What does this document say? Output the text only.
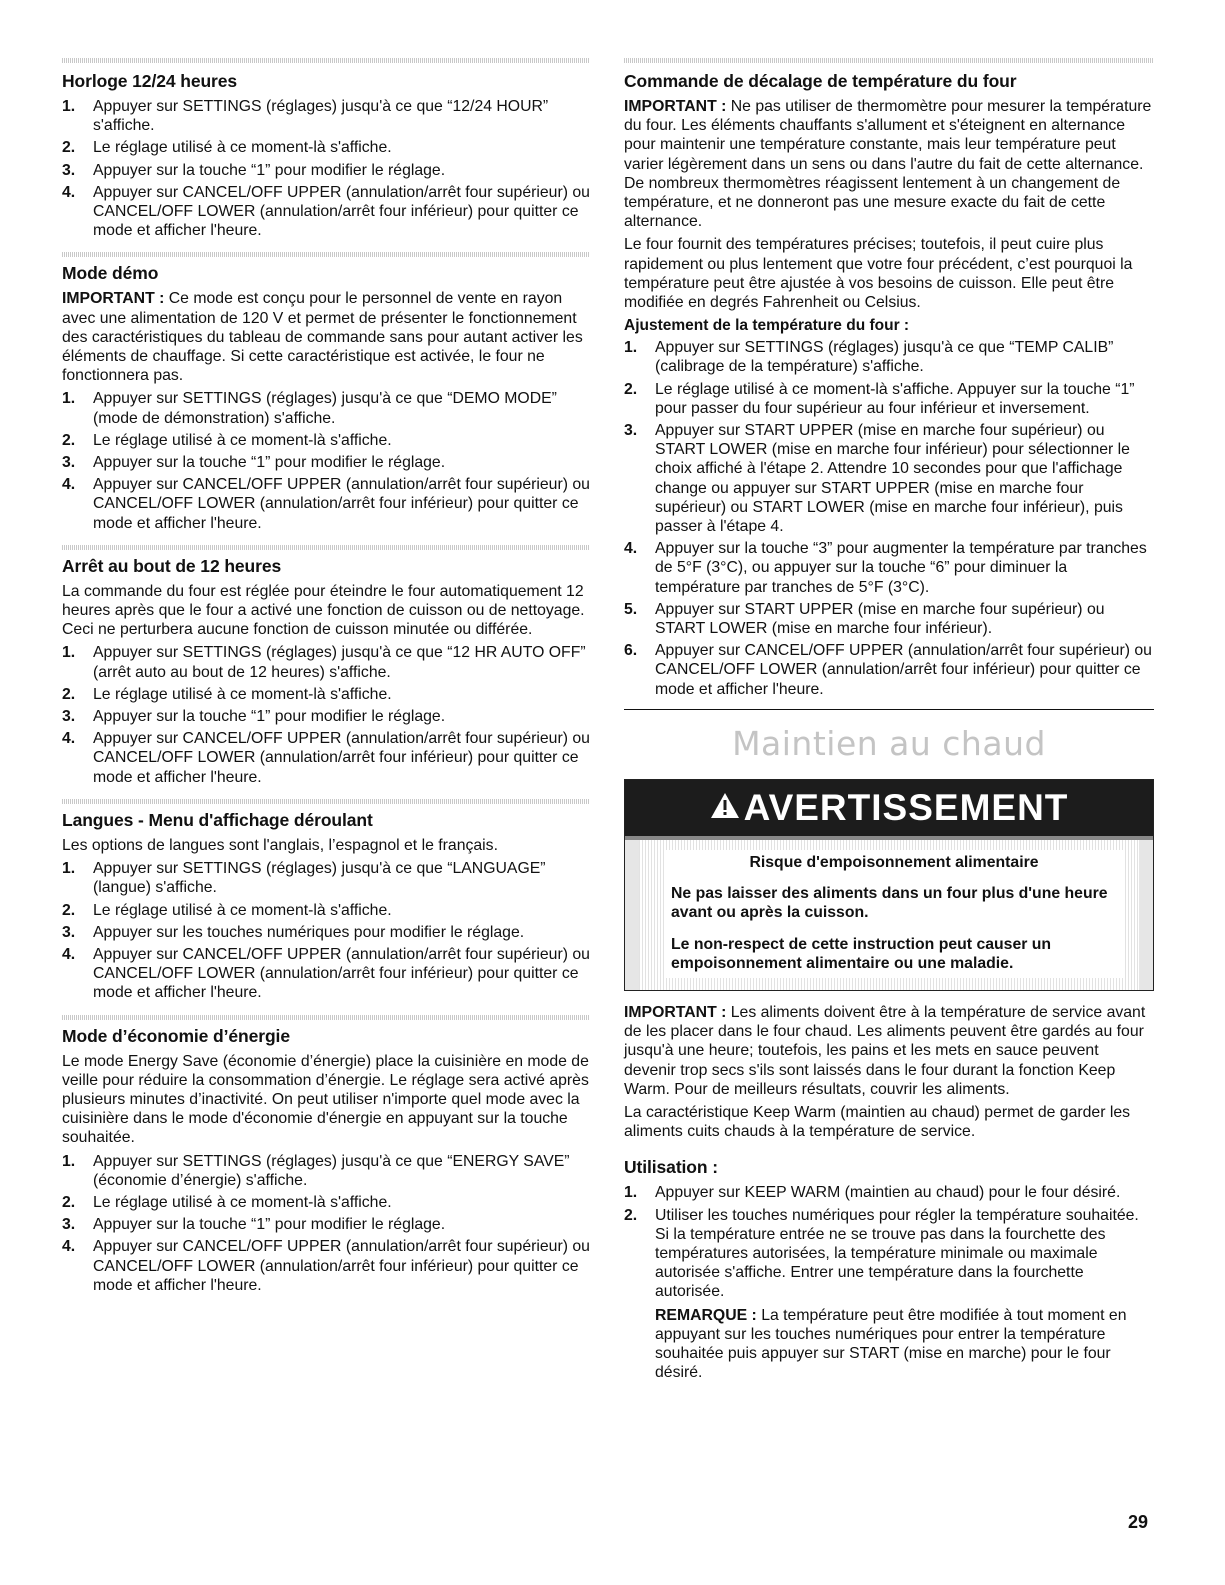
Horloge 12/24 heures
1. Appuyer sur SETTINGS (réglages) jusqu'à ce que “12/24 HOUR” s'affiche.
2. Le réglage utilisé à ce moment-là s'affiche.
3. Appuyer sur la touche “1” pour modifier le réglage.
4. Appuyer sur CANCEL/OFF UPPER (annulation/arrêt four supérieur) ou CANCEL/OFF LOWER (annulation/arrêt four inférieur) pour quitter ce mode et afficher l'heure.
Mode démo

IMPORTANT : Ce mode est conçu pour le personnel de vente en rayon avec une alimentation de 120 V et permet de présenter le fonctionnement des caractéristiques du tableau de commande sans pour autant activer les éléments de chauffage. Si cette caractéristique est activée, le four ne fonctionnera pas.

1. Appuyer sur SETTINGS (réglages) jusqu'à ce que “DEMO MODE” (mode de démonstration) s'affiche.
2. Le réglage utilisé à ce moment-là s'affiche.
3. Appuyer sur la touche “1” pour modifier le réglage.
4. Appuyer sur CANCEL/OFF UPPER (annulation/arrêt four supérieur) ou CANCEL/OFF LOWER (annulation/arrêt four inférieur) pour quitter ce mode et afficher l'heure.
Arrêt au bout de 12 heures

La commande du four est réglée pour éteindre le four automatiquement 12 heures après que le four a activé une fonction de cuisson ou de nettoyage. Ceci ne perturbera aucune fonction de cuisson minutée ou différée.

1. Appuyer sur SETTINGS (réglages) jusqu'à ce que “12 HR AUTO OFF” (arrêt auto au bout de 12 heures) s'affiche.
2. Le réglage utilisé à ce moment-là s'affiche.
3. Appuyer sur la touche “1” pour modifier le réglage.
4. Appuyer sur CANCEL/OFF UPPER (annulation/arrêt four supérieur) ou CANCEL/OFF LOWER (annulation/arrêt four inférieur) pour quitter ce mode et afficher l'heure.
Langues - Menu d'affichage déroulant

Les options de langues sont l'anglais, l’espagnol et le français.

1. Appuyer sur SETTINGS (réglages) jusqu'à ce que “LANGUAGE” (langue) s'affiche.
2. Le réglage utilisé à ce moment-là s'affiche.
3. Appuyer sur les touches numériques pour modifier le réglage.
4. Appuyer sur CANCEL/OFF UPPER (annulation/arrêt four supérieur) ou CANCEL/OFF LOWER (annulation/arrêt four inférieur) pour quitter ce mode et afficher l'heure.
Mode d’économie d’énergie

Le mode Energy Save (économie d’énergie) place la cuisinière en mode de veille pour réduire la consommation d’énergie. Le réglage sera activé après plusieurs minutes d’inactivité. On peut utiliser n'importe quel mode avec la cuisinière dans le mode d'économie d'énergie en appuyant sur la touche souhaitée.

1. Appuyer sur SETTINGS (réglages) jusqu'à ce que “ENERGY SAVE” (économie d’énergie) s'affiche.
2. Le réglage utilisé à ce moment-là s'affiche.
3. Appuyer sur la touche “1” pour modifier le réglage.
4. Appuyer sur CANCEL/OFF UPPER (annulation/arrêt four supérieur) ou CANCEL/OFF LOWER (annulation/arrêt four inférieur) pour quitter ce mode et afficher l'heure.
Commande de décalage de température du four

IMPORTANT : Ne pas utiliser de thermomètre pour mesurer la température du four. Les éléments chauffants s'allument et s'éteignent en alternance pour maintenir une température constante, mais leur température peut varier légèrement dans un sens ou dans l'autre du fait de cette alternance. De nombreux thermomètres réagissent lentement à un changement de température, et ne donneront pas une mesure exacte du fait de cette alternance.

Le four fournit des températures précises; toutefois, il peut cuire plus rapidement ou plus lentement que votre four précédent, c’est pourquoi la température peut être ajustée à vos besoins de cuisson. Elle peut être modifiée en degrés Fahrenheit ou Celsius.

Ajustement de la température du four :
1. Appuyer sur SETTINGS (réglages) jusqu'à ce que “TEMP CALIB” (calibrage de la température) s'affiche.
2. Le réglage utilisé à ce moment-là s'affiche. Appuyer sur la touche “1” pour passer du four supérieur au four inférieur et inversement.
3. Appuyer sur START UPPER (mise en marche four supérieur) ou START LOWER (mise en marche four inférieur) pour sélectionner le choix affiché à l'étape 2. Attendre 10 secondes pour que l'affichage change ou appuyer sur START UPPER (mise en marche four supérieur) ou START LOWER (mise en marche four inférieur), puis passer à l'étape 4.
4. Appuyer sur la touche “3” pour augmenter la température par tranches de 5°F (3°C), ou appuyer sur la touche “6” pour diminuer la température par tranches de 5°F (3°C).
5. Appuyer sur START UPPER (mise en marche four supérieur) ou START LOWER (mise en marche four inférieur).
6. Appuyer sur CANCEL/OFF UPPER (annulation/arrêt four supérieur) ou CANCEL/OFF LOWER (annulation/arrêt four inférieur) pour quitter ce mode et afficher l'heure.
Maintien au chaud
AVERTISSEMENT
Risque d'empoisonnement alimentaire
Ne pas laisser des aliments dans un four plus d'une heure avant ou après la cuisson.
Le non-respect de cette instruction peut causer un empoisonnement alimentaire ou une maladie.

IMPORTANT : Les aliments doivent être à la température de service avant de les placer dans le four chaud. Les aliments peuvent être gardés au four jusqu'à une heure; toutefois, les pains et les mets en sauce peuvent devenir trop secs s'ils sont laissés dans le four durant la fonction Keep Warm. Pour de meilleurs résultats, couvrir les aliments.

La caractéristique Keep Warm (maintien au chaud) permet de garder les aliments cuits chauds à la température de service.

Utilisation :
1. Appuyer sur KEEP WARM (maintien au chaud) pour le four désiré.
2. Utiliser les touches numériques pour régler la température souhaitée. Si la température entrée ne se trouve pas dans la fourchette des températures autorisées, la température minimale ou maximale autorisée s'affiche. Entrer une température dans la fourchette autorisée.

REMARQUE : La température peut être modifiée à tout moment en appuyant sur les touches numériques pour entrer la température souhaitée puis appuyer sur START (mise en marche) pour le four désiré.

29
